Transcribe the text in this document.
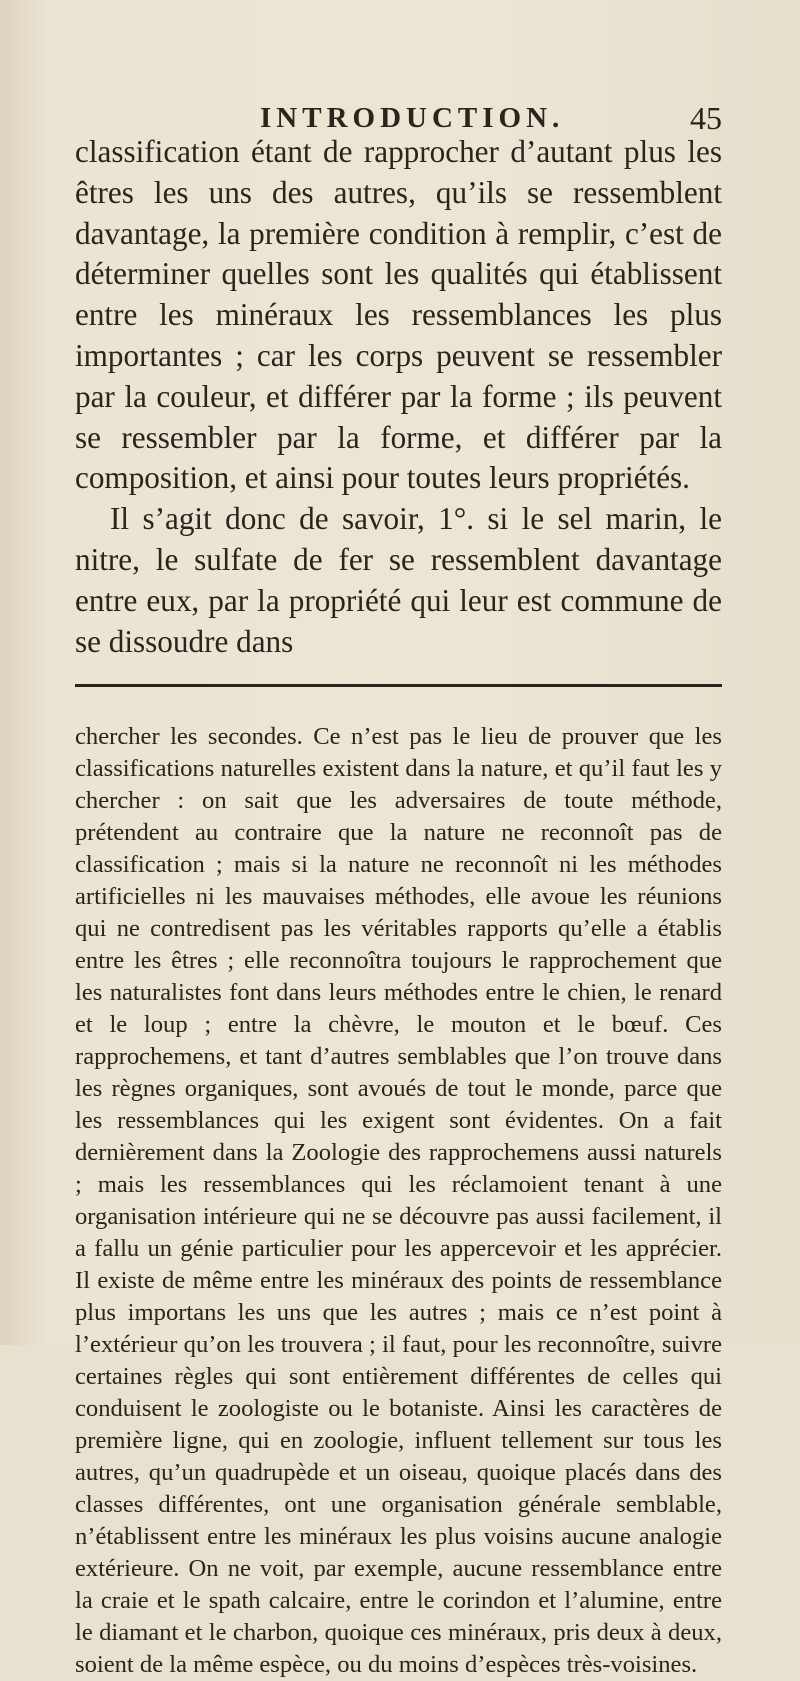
INTRODUCTION.	45

classification étant de rapprocher d’autant plus les êtres les uns des autres, qu’ils se ressemblent davantage, la première condition à remplir, c’est de déterminer quelles sont les qualités qui établissent entre les minéraux les ressemblances les plus importantes ; car les corps peuvent se ressembler par la couleur, et différer par la forme ; ils peuvent se ressembler par la forme, et différer par la composition, et ainsi pour toutes leurs propriétés.

Il s’agit donc de savoir, 1°. si le sel marin, le nitre, le sulfate de fer se ressemblent davantage entre eux, par la propriété qui leur est commune de se dissoudre dans

chercher les secondes. Ce n’est pas le lieu de prouver que les classifications naturelles existent dans la nature, et qu’il faut les y chercher : on sait que les adversaires de toute méthode, prétendent au contraire que la nature ne reconnoît pas de classification ; mais si la nature ne reconnoît ni les méthodes artificielles ni les mauvaises méthodes, elle avoue les réunions qui ne contredisent pas les véritables rapports qu’elle a établis entre les êtres ; elle reconnoîtra toujours le rapprochement que les naturalistes font dans leurs méthodes entre le chien, le renard et le loup ; entre la chèvre, le mouton et le bœuf. Ces rapprochemens, et tant d’autres semblables que l’on trouve dans les règnes organiques, sont avoués de tout le monde, parce que les ressemblances qui les exigent sont évidentes. On a fait dernièrement dans la Zoologie des rapprochemens aussi naturels ; mais les ressemblances qui les réclamoient tenant à une organisation intérieure qui ne se découvre pas aussi facilement, il a fallu un génie particulier pour les appercevoir et les apprécier. Il existe de même entre les minéraux des points de ressemblance plus importans les uns que les autres ; mais ce n’est point à l’extérieur qu’on les trouvera ; il faut, pour les reconnoître, suivre certaines règles qui sont entièrement différentes de celles qui conduisent le zoologiste ou le botaniste. Ainsi les caractères de première ligne, qui en zoologie, influent tellement sur tous les autres, qu’un quadrupède et un oiseau, quoique placés dans des classes différentes, ont une organisation générale semblable, n’établissent entre les minéraux les plus voisins aucune analogie extérieure. On ne voit, par exemple, aucune ressemblance entre la craie et le spath calcaire, entre le corindon et l’alumine, entre le diamant et le charbon, quoique ces minéraux, pris deux à deux, soient de la même espèce, ou du moins d’espèces très-voisines.
